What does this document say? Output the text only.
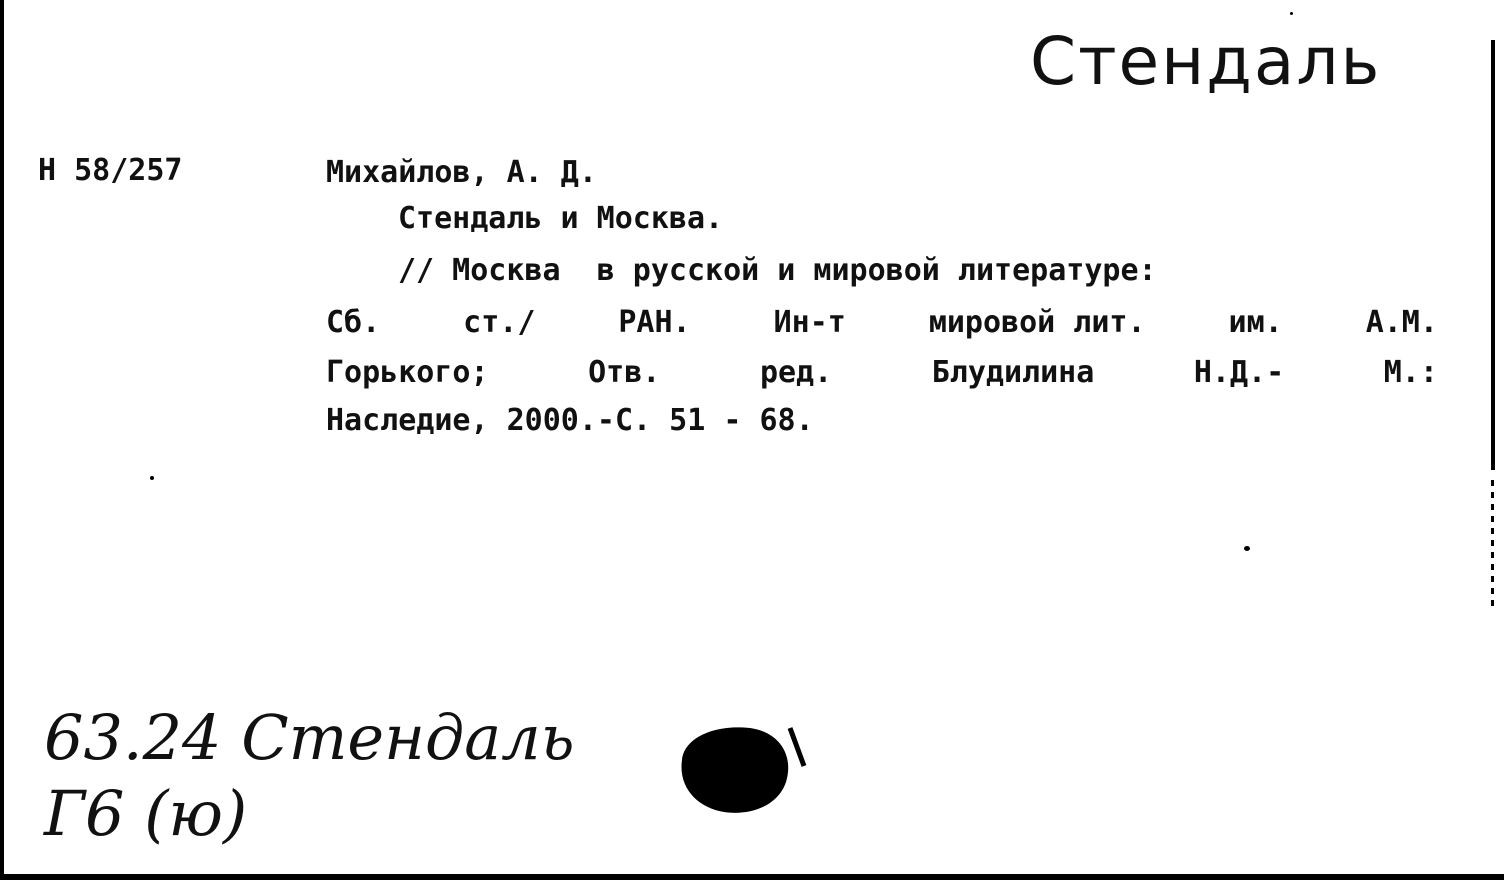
Стендаль
Н 58/257	Михайлов, А. Д.
Стендаль и Москва.
// Москва  в русской и мировой литературе:
Сб.	ст./	РАН.	Ин-т	мировой лит.	им.	А.М.
Горького;	Отв.	ред.	Блудилина	Н.Д.-	М.:
Наследие, 2000.-С. 51 - 68.
63.24 Стендаль
Г6 (ю)
